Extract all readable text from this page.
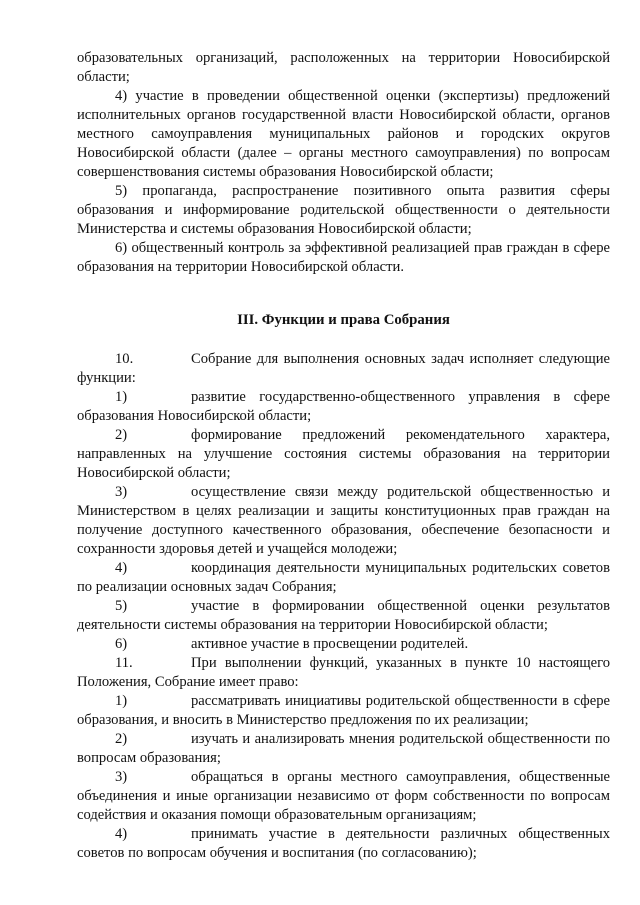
образовательных организаций, расположенных на территории Новосибирской области;

4) участие в проведении общественной оценки (экспертизы) предложений исполнительных органов государственной власти Новосибирской области, органов местного самоуправления муниципальных районов и городских округов Новосибирской области (далее – органы местного самоуправления) по вопросам совершенствования системы образования Новосибирской области;

5) пропаганда, распространение позитивного опыта развития сферы образования и информирование родительской общественности о деятельности Министерства и системы образования Новосибирской области;

6) общественный контроль за эффективной реализацией прав граждан в сфере образования на территории Новосибирской области.

III. Функции и права Собрания

10.	Собрание для выполнения основных задач исполняет следующие функции:

1)	развитие государственно-общественного управления в сфере образования Новосибирской области;

2)	формирование предложений рекомендательного характера, направленных на улучшение состояния системы образования на территории Новосибирской области;

3)	осуществление связи между родительской общественностью и Министерством в целях реализации и защиты конституционных прав граждан на получение доступного качественного образования, обеспечение безопасности и сохранности здоровья детей и учащейся молодежи;

4)	координация деятельности муниципальных родительских советов по реализации основных задач Собрания;

5)	участие в формировании общественной оценки результатов деятельности системы образования на территории Новосибирской области;

6)	активное участие в просвещении родителей.

11.	При выполнении функций, указанных в пункте 10 настоящего Положения, Собрание имеет право:

1)	рассматривать инициативы родительской общественности в сфере образования, и вносить в Министерство предложения по их реализации;

2)	изучать и анализировать мнения родительской общественности по вопросам образования;

3)	обращаться в органы местного самоуправления, общественные объединения и иные организации независимо от форм собственности по вопросам содействия и оказания помощи образовательным организациям;

4)	принимать участие в деятельности различных общественных советов по вопросам обучения и воспитания (по согласованию);
